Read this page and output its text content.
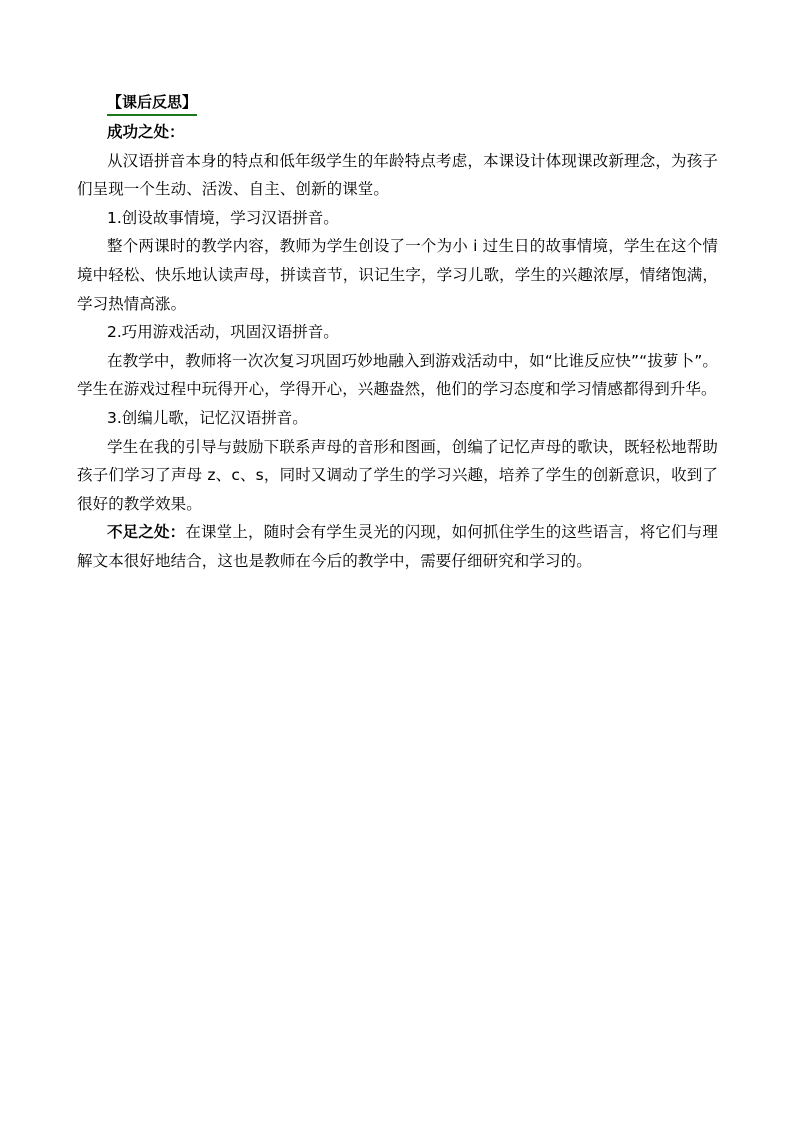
【课后反思】

成功之处：

从汉语拼音本身的特点和低年级学生的年龄特点考虑，本课设计体现课改新理念，为孩子们呈现一个生动、活泼、自主、创新的课堂。

1.创设故事情境，学习汉语拼音。

整个两课时的教学内容，教师为学生创设了一个为小 i 过生日的故事情境，学生在这个情境中轻松、快乐地认读声母，拼读音节，识记生字，学习儿歌，学生的兴趣浓厚，情绪饱满，学习热情高涨。

2.巧用游戏活动，巩固汉语拼音。

在教学中，教师将一次次复习巩固巧妙地融入到游戏活动中，如“比谁反应快”“拔萝卜”。学生在游戏过程中玩得开心，学得开心，兴趣盎然，他们的学习态度和学习情感都得到升华。

3.创编儿歌，记忆汉语拼音。

学生在我的引导与鼓励下联系声母的音形和图画，创编了记忆声母的歌诀，既轻松地帮助孩子们学习了声母 z、c、s，同时又调动了学生的学习兴趣，培养了学生的创新意识，收到了很好的教学效果。

不足之处：在课堂上，随时会有学生灵光的闪现，如何抓住学生的这些语言，将它们与理解文本很好地结合，这也是教师在今后的教学中，需要仔细研究和学习的。
